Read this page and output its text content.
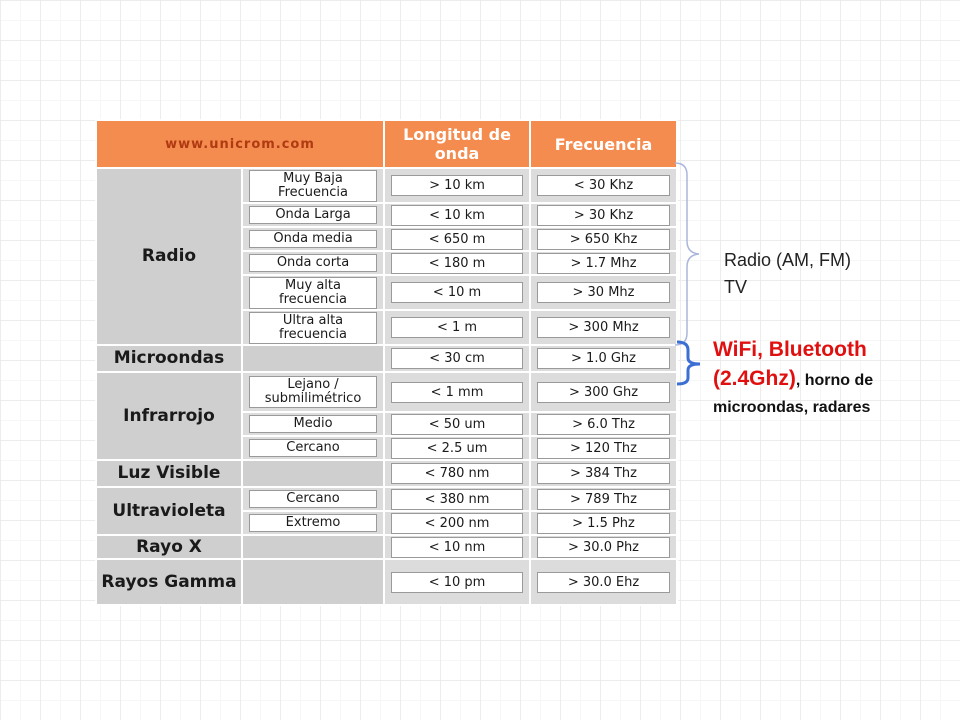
www.unicrom.com		Longitud de onda	Frecuencia
Radio	Muy Baja Frecuencia	> 10 km	< 30 Khz

	Onda Larga	< 10 km	> 30 Khz

	Onda media	< 650 m	> 650 Khz

	Onda corta	< 180 m	> 1.7 Mhz

	Muy alta frecuencia	< 10 m	> 30 Mhz

	Ultra alta frecuencia	< 1 m	> 300 Mhz

Microondas		< 30 cm	> 1.0 Ghz

Infrarrojo	Lejano / submilimétrico	< 1 mm	> 300 Ghz

	Medio	< 50 um	> 6.0 Thz

	Cercano	< 2.5 um	> 120 Thz

Luz Visible		< 780 nm	> 384 Thz

Ultravioleta	Cercano	< 380 nm	> 789 Thz

	Extremo	< 200 nm	> 1.5 Phz

Rayo X		< 10 nm	> 30.0 Phz

Rayos Gamma		< 10 pm	> 30.0 Ehz
Radio (AM, FM)
TV
WiFi, Bluetooth (2.4Ghz), horno de microondas, radares
